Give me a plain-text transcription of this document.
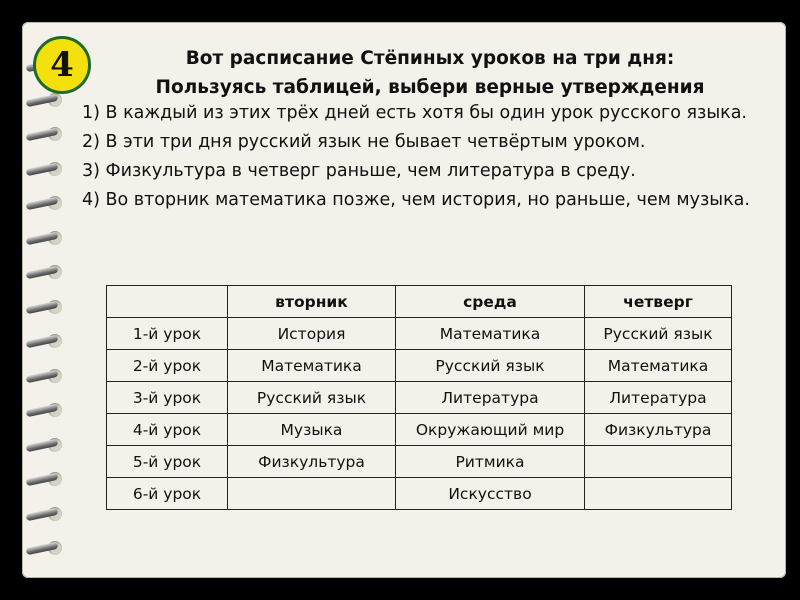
4	Вот расписание Стёпиных уроков на три дня:
Пользуясь таблицей, выбери верные утверждения

1) В каждый из этих трёх дней есть хотя бы один урок русского языка.

2) В эти три дня русский язык не бывает четвёртым уроком.

3) Физкультура в четверг раньше, чем литература в среду.

4) Во вторник математика позже, чем история, но раньше, чем музыка.

	вторник	среда	четверг
1-й урок	История	Математика	Русский язык
2-й урок	Математика	Русский язык	Математика
3-й урок	Русский язык	Литература	Литература
4-й урок	Музыка	Окружающий мир	Физкультура
5-й урок	Физкультура	Ритмика	
6-й урок		Искусство	
